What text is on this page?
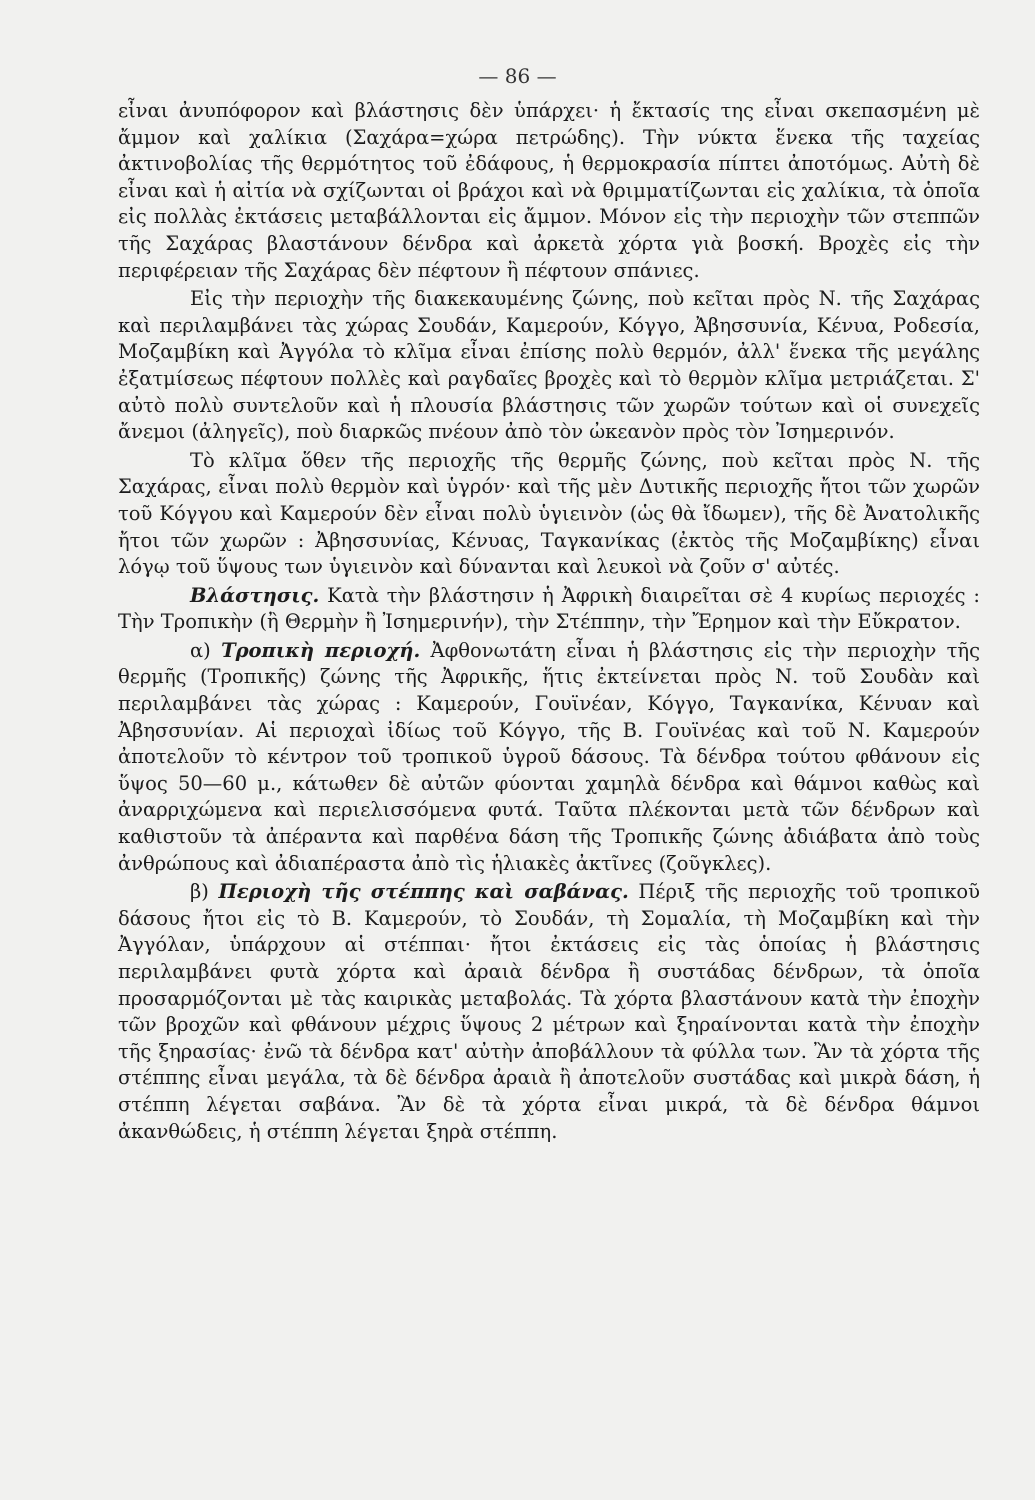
— 86 —

εἶναι ἀνυπόφορον καὶ βλάστησις δὲν ὑπάρχει· ἡ ἔκτασίς της εἶναι σκεπασμένη μὲ ἄμμον καὶ χαλίκια (Σαχάρα=χώρα πετρώδης). Τὴν νύκτα ἕνεκα τῆς ταχείας ἀκτινοβολίας τῆς θερμότητος τοῦ ἐδάφους, ἡ θερμοκρασία πίπτει ἀποτόμως. Αὐτὴ δὲ εἶναι καὶ ἡ αἰτία νὰ σχίζωνται οἱ βράχοι καὶ νὰ θριμματίζωνται εἰς χαλίκια, τὰ ὁποῖα εἰς πολλὰς ἐκτάσεις μεταβάλλονται εἰς ἄμμον. Μόνον εἰς τὴν περιοχὴν τῶν στεππῶν τῆς Σαχάρας βλαστάνουν δένδρα καὶ ἀρκετὰ χόρτα γιὰ βοσκή. Βροχὲς εἰς τὴν περιφέρειαν τῆς Σαχάρας δὲν πέφτουν ἢ πέφτουν σπάνιες.

Εἰς τὴν περιοχὴν τῆς διακεκαυμένης ζώνης, ποὺ κεῖται πρὸς Ν. τῆς Σαχάρας καὶ περιλαμβάνει τὰς χώρας Σουδάν, Καμερούν, Κόγγο, Ἀβησσυνία, Κένυα, Ροδεσία, Μοζαμβίκη καὶ Ἀγγόλα τὸ κλῖμα εἶναι ἐπίσης πολὺ θερμόν, ἀλλ' ἕνεκα τῆς μεγάλης ἐξατμίσεως πέφτουν πολλὲς καὶ ραγδαῖες βροχὲς καὶ τὸ θερμὸν κλῖμα μετριάζεται. Σ' αὐτὸ πολὺ συντελοῦν καὶ ἡ πλουσία βλάστησις τῶν χωρῶν τούτων καὶ οἱ συνεχεῖς ἄνεμοι (ἀληγεῖς), ποὺ διαρκῶς πνέουν ἀπὸ τὸν ὠκεανὸν πρὸς τὸν Ἰσημερινόν.

Τὸ κλῖμα ὅθεν τῆς περιοχῆς τῆς θερμῆς ζώνης, ποὺ κεῖται πρὸς Ν. τῆς Σαχάρας, εἶναι πολὺ θερμὸν καὶ ὑγρόν· καὶ τῆς μὲν Δυτικῆς περιοχῆς ἤτοι τῶν χωρῶν τοῦ Κόγγου καὶ Καμερούν δὲν εἶναι πολὺ ὑγιεινὸν (ὡς θὰ ἴδωμεν), τῆς δὲ Ἀνατολικῆς ἤτοι τῶν χωρῶν : Ἀβησσυνίας, Κένυας, Ταγκανίκας (ἐκτὸς τῆς Μοζαμβίκης) εἶναι λόγῳ τοῦ ὕψους των ὑγιεινὸν καὶ δύνανται καὶ λευκοὶ νὰ ζοῦν σ' αὐτές.

Βλάστησις. Κατὰ τὴν βλάστησιν ἡ Ἀφρικὴ διαιρεῖται σὲ 4 κυρίως περιοχές : Τὴν Τροπικὴν (ἢ Θερμὴν ἢ Ἰσημερινήν), τὴν Στέππην, τὴν Ἔρημον καὶ τὴν Εὔκρατον.

α) Τροπικὴ περιοχή. Ἀφθονωτάτη εἶναι ἡ βλάστησις εἰς τὴν περιοχὴν τῆς θερμῆς (Τροπικῆς) ζώνης τῆς Ἀφρικῆς, ἥτις ἐκτείνεται πρὸς Ν. τοῦ Σουδὰν καὶ περιλαμβάνει τὰς χώρας : Καμερούν, Γουϊνέαν, Κόγγο, Ταγκανίκα, Κένυαν καὶ Ἀβησσυνίαν. Αἱ περιοχαὶ ἰδίως τοῦ Κόγγο, τῆς Β. Γουϊνέας καὶ τοῦ Ν. Καμερούν ἀποτελοῦν τὸ κέντρον τοῦ τροπικοῦ ὑγροῦ δάσους. Τὰ δένδρα τούτου φθάνουν εἰς ὕψος 50—60 μ., κάτωθεν δὲ αὐτῶν φύονται χαμηλὰ δένδρα καὶ θάμνοι καθὼς καὶ ἀναρριχώμενα καὶ περιελισσόμενα φυτά. Ταῦτα πλέκονται μετὰ τῶν δένδρων καὶ καθιστοῦν τὰ ἀπέραντα καὶ παρθένα δάση τῆς Τροπικῆς ζώνης ἀδιάβατα ἀπὸ τοὺς ἀνθρώπους καὶ ἀδιαπέραστα ἀπὸ τὶς ἡλιακὲς ἀκτῖνες (ζοῦγκλες).

β) Περιοχὴ τῆς στέππης καὶ σαβάνας. Πέριξ τῆς περιοχῆς τοῦ τροπικοῦ δάσους ἤτοι εἰς τὸ Β. Καμερούν, τὸ Σουδάν, τὴ Σομαλία, τὴ Μοζαμβίκη καὶ τὴν Ἀγγόλαν, ὑπάρχουν αἱ στέππαι· ἤτοι ἐκτάσεις εἰς τὰς ὁποίας ἡ βλάστησις περιλαμβάνει φυτὰ χόρτα καὶ ἀραιὰ δένδρα ἢ συστάδας δένδρων, τὰ ὁποῖα προσαρμόζονται μὲ τὰς καιρικὰς μεταβολάς. Τὰ χόρτα βλαστάνουν κατὰ τὴν ἐποχὴν τῶν βροχῶν καὶ φθάνουν μέχρις ὕψους 2 μέτρων καὶ ξηραίνονται κατὰ τὴν ἐποχὴν τῆς ξηρασίας· ἐνῶ τὰ δένδρα κατ' αὐτὴν ἀποβάλλουν τὰ φύλλα των. Ἂν τὰ χόρτα τῆς στέππης εἶναι μεγάλα, τὰ δὲ δένδρα ἀραιὰ ἢ ἀποτελοῦν συστάδας καὶ μικρὰ δάση, ἡ στέππη λέγεται σαβάνα. Ἂν δὲ τὰ χόρτα εἶναι μικρά, τὰ δὲ δένδρα θάμνοι ἀκανθώδεις, ἡ στέππη λέγεται ξηρὰ στέππη.
